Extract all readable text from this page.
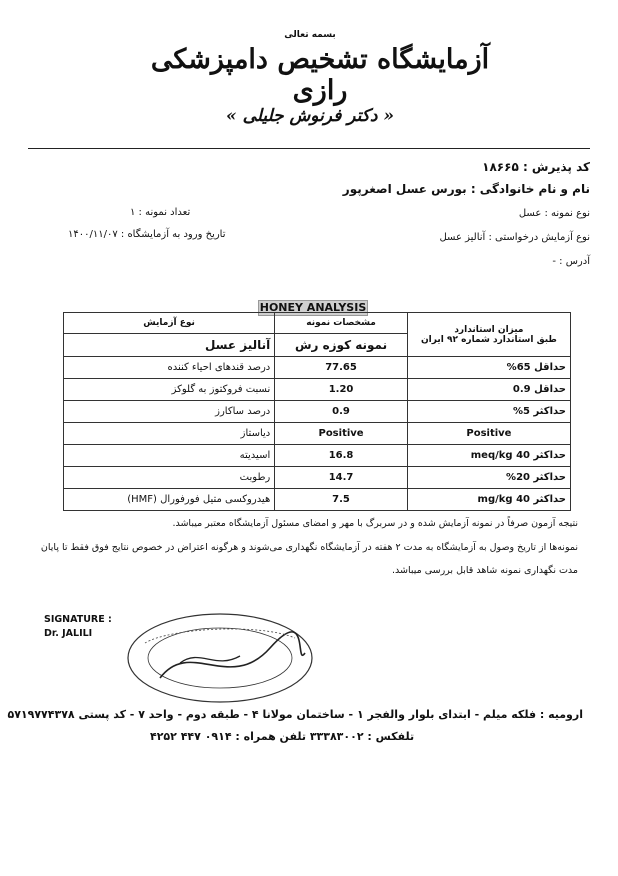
بسمه تعالی
آزمایشگاه تشخیص دامپزشکی رازی
« دکتر فرنوش جلیلی »
کد پذیرش : ۱۸۶۶۵
نام و نام خانوادگی : بورس عسل اصغرپور
نوع نمونه : عسل
نوع آزمایش درخواستی : آنالیز عسل
آدرس : -
تعداد نمونه : ۱
تاریخ ورود به آزمایشگاه : ۱۴۰۰/۱۱/۰۷
HONEY ANALYSIS
نوع آزمایش	مشخصات نمونه	میزان استاندارد
طبق استاندارد شماره ۹۲ ایران

آنالیز عسل	نمونه کوزه رش	
درصد قندهای احیاء کننده	77.65	حداقل 65%
نسبت فروکتوز به گلوکز	1.20	حداقل 0.9
درصد ساکارز	0.9	حداکثر 5%
دیاستاز	Positive	Positive
اسیدیته	16.8	حداکثر 40 meq/kg
رطوبت	14.7	حداکثر 20%
هیدروکسی متیل فورفورال (HMF)	7.5	حداکثر 40 mg/kg
نتیجه آزمون صرفاً در نمونه آزمایش شده و در سربرگ با مهر و امضای مسئول آزمایشگاه معتبر میباشد.
نمونه‌ها از تاریخ وصول به آزمایشگاه به مدت ۲ هفته در آزمایشگاه نگهداری می‌شوند و هرگونه اعتراض در خصوص نتایج فوق فقط تا پایان
مدت نگهداری نمونه شاهد قابل بررسی میباشد.
SIGNATURE :
Dr. JALILI
ارومیه : فلکه میلم - ابتدای بلوار والفجر ۱ - ساختمان مولانا ۴ - طبقه دوم - واحد ۷ - کد پستی ۵۷۱۹۷۷۴۳۷۸
تلفکس : ۳۳۳۸۳۰۰۲ تلفن همراه : ۰۹۱۴ ۴۴۷ ۴۲۵۲
